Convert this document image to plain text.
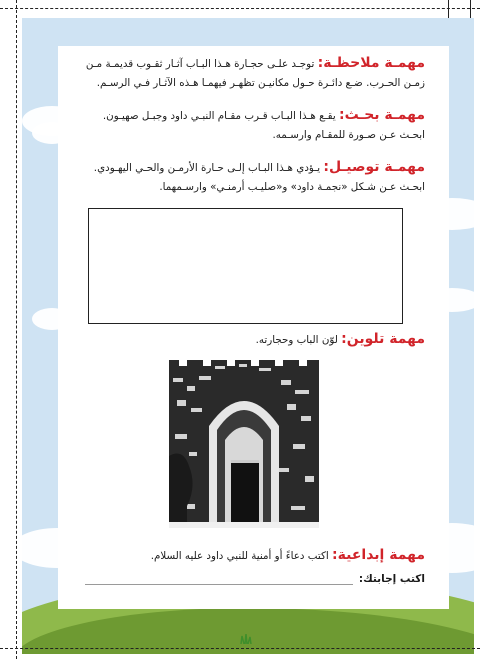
مهمـة ملاحظـة: توجـد علـى حجـارة هـذا البـاب آثـار ثقـوب قديمـة مـن
زمـن الحـرب. ضـع دائـرة حـول مكانيـن تظهـر فيهمـا هـذه الآثـار فـي الرسـم.
مهمـة بحـث: يقـع هـذا البـاب قـرب مقـام النبـي داود وجبـل صهيـون.
ابحـث عـن صـورة للمقـام وارسـمه.
مهمـة توصيـل: يـؤدي هـذا البـاب إلـى حـارة الأرمـن والحـي اليهـودي.
ابحـث عـن شـكل «نجمـة داود» و«صليـب أرمنـي» وارسـمهما.
مهمة تلوين: لوّن الباب وحجارته.
مهمة إبداعية: اكتب دعاءً أو أمنية للنبي داود عليه السلام.
اكتب إجابتك:
